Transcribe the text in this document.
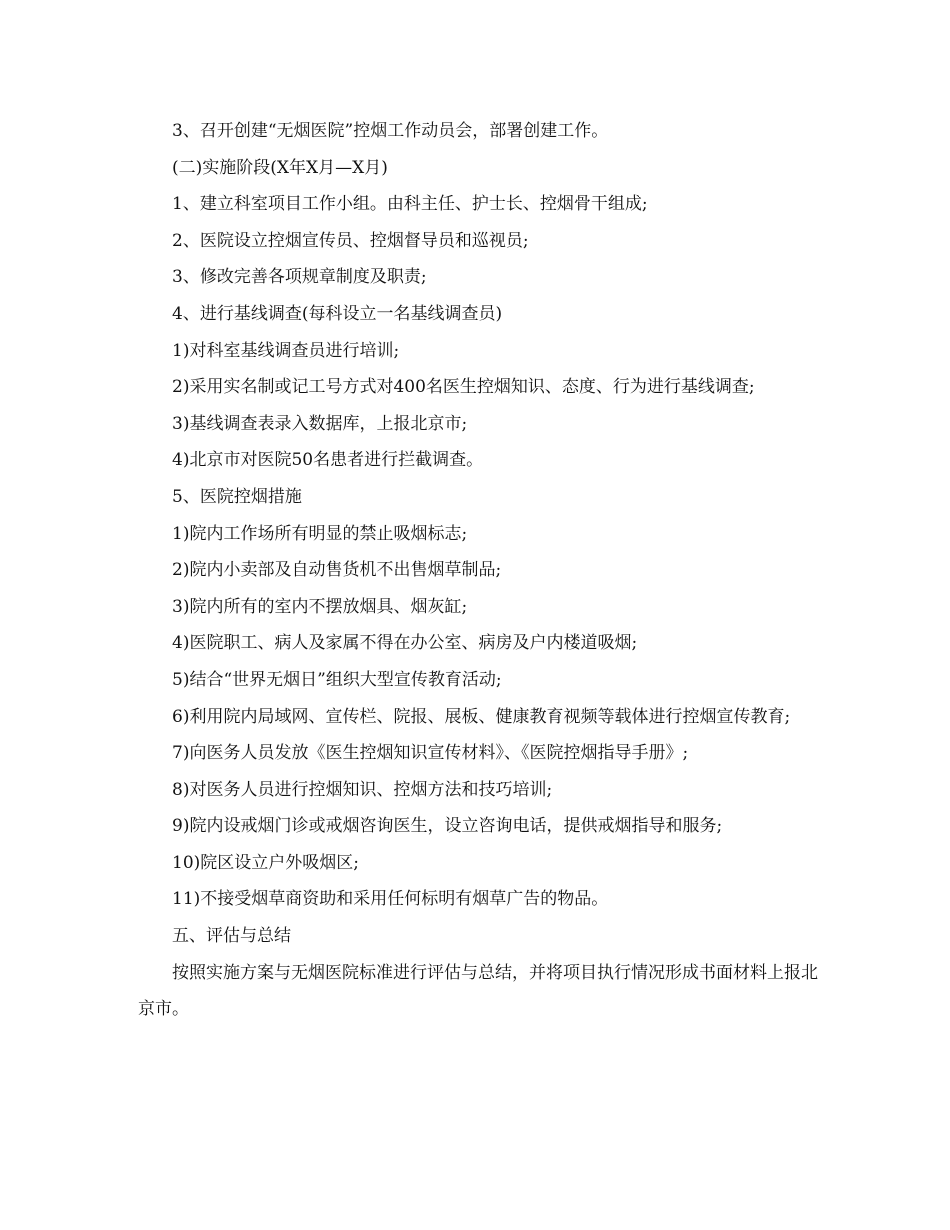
3、召开创建“无烟医院”控烟工作动员会，部署创建工作。

(二)实施阶段(X年X月—X月)

1、建立科室项目工作小组。由科主任、护士长、控烟骨干组成;

2、医院设立控烟宣传员、控烟督导员和巡视员;

3、修改完善各项规章制度及职责;

4、进行基线调查(每科设立一名基线调查员)

1)对科室基线调查员进行培训;

2)采用实名制或记工号方式对400名医生控烟知识、态度、行为进行基线调查;

3)基线调查表录入数据库，上报北京市;

4)北京市对医院50名患者进行拦截调查。

5、医院控烟措施

1)院内工作场所有明显的禁止吸烟标志;

2)院内小卖部及自动售货机不出售烟草制品;

3)院内所有的室内不摆放烟具、烟灰缸;

4)医院职工、病人及家属不得在办公室、病房及户内楼道吸烟;

5)结合“世界无烟日”组织大型宣传教育活动;

6)利用院内局域网、宣传栏、院报、展板、健康教育视频等载体进行控烟宣传教育;

7)向医务人员发放《医生控烟知识宣传材料》、《医院控烟指导手册》;

8)对医务人员进行控烟知识、控烟方法和技巧培训;

9)院内设戒烟门诊或戒烟咨询医生，设立咨询电话，提供戒烟指导和服务;

10)院区设立户外吸烟区;

11)不接受烟草商资助和采用任何标明有烟草广告的物品。

五、评估与总结

按照实施方案与无烟医院标准进行评估与总结，并将项目执行情况形成书面材料上报北京市。
